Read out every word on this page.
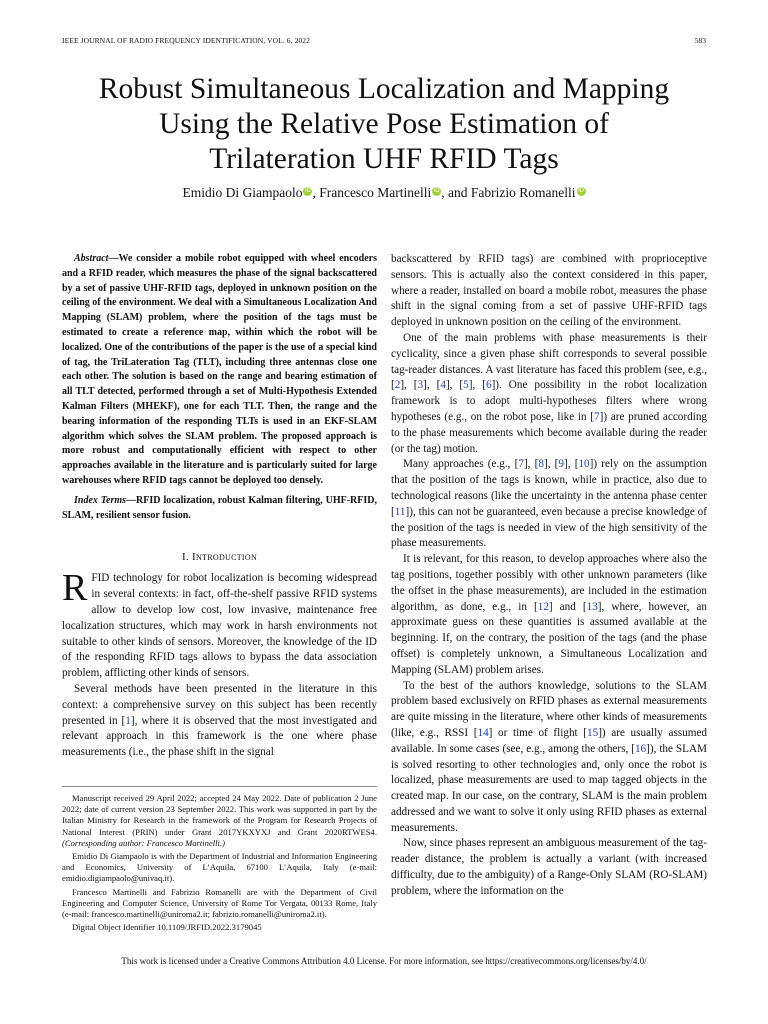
IEEE JOURNAL OF RADIO FREQUENCY IDENTIFICATION, VOL. 6, 2022	583
Robust Simultaneous Localization and Mapping
Using the Relative Pose Estimation of
Trilateration UHF RFID Tags
Emidio Di Giampaolo iD , Francesco Martinelli iD , and Fabrizio Romanelli iD

Abstract—We consider a mobile robot equipped with wheel encoders and a RFID reader, which measures the phase of the signal backscattered by a set of passive UHF-RFID tags, deployed in unknown position on the ceiling of the environment. We deal with a Simultaneous Localization And Mapping (SLAM) problem, where the position of the tags must be estimated to create a reference map, within which the robot will be localized. One of the contributions of the paper is the use of a special kind of tag, the TriLateration Tag (TLT), including three antennas close one each other. The solution is based on the range and bearing estimation of all TLT detected, performed through a set of Multi-Hypothesis Extended Kalman Filters (MHEKF), one for each TLT. Then, the range and the bearing information of the responding TLTs is used in an EKF-SLAM algorithm which solves the SLAM problem. The proposed approach is more robust and computationally efficient with respect to other approaches available in the literature and is particularly suited for large warehouses where RFID tags cannot be deployed too densely.

Index Terms—RFID localization, robust Kalman filtering, UHF-RFID, SLAM, resilient sensor fusion.

I. Introduction

RFID technology for robot localization is becoming widespread in several contexts: in fact, off-the-shelf passive RFID systems allow to develop low cost, low invasive, maintenance free localization structures, which may work in harsh environments not suitable to other kinds of sensors. Moreover, the knowledge of the ID of the responding RFID tags allows to bypass the data association problem, afflicting other kinds of sensors.

Several methods have been presented in the literature in this context: a comprehensive survey on this subject has been recently presented in [1], where it is observed that the most investigated and relevant approach in this framework is the one where phase measurements (i.e., the phase shift in the signal

Manuscript received 29 April 2022; accepted 24 May 2022. Date of publication 2 June 2022; date of current version 23 September 2022. This work was supported in part by the Italian Ministry for Research in the framework of the Program for Research Projects of National Interest (PRIN) under Grant 2017YKXYXJ and Grant 2020RTWES4. (Corresponding author: Francesco Martinelli.)

Emidio Di Giampaolo is with the Department of Industrial and Information Engineering and Economics, University of L’Aquila, 67100 L’Aquila, Italy (e-mail: emidio.digiampaolo@univaq.it).

Francesco Martinelli and Fabrizio Romanelli are with the Department of Civil Engineering and Computer Science, University of Rome Tor Vergata, 00133 Rome, Italy (e-mail: francesco.martinelli@uniroma2.it; fabrizio.romanelli@uniroma2.it).

Digital Object Identifier 10.1109/JRFID.2022.3179045

backscattered by RFID tags) are combined with proprioceptive sensors. This is actually also the context considered in this paper, where a reader, installed on board a mobile robot, measures the phase shift in the signal coming from a set of passive UHF-RFID tags deployed in unknown position on the ceiling of the environment.

One of the main problems with phase measurements is their cyclicality, since a given phase shift corresponds to several possible tag-reader distances. A vast literature has faced this problem (see, e.g., [2], [3], [4], [5], [6]). One possibility in the robot localization framework is to adopt multi-hypotheses filters where wrong hypotheses (e.g., on the robot pose, like in [7]) are pruned according to the phase measurements which become available during the reader (or the tag) motion.

Many approaches (e.g., [7], [8], [9], [10]) rely on the assumption that the position of the tags is known, while in practice, also due to technological reasons (like the uncertainty in the antenna phase center [11]), this can not be guaranteed, even because a precise knowledge of the position of the tags is needed in view of the high sensitivity of the phase measurements.

It is relevant, for this reason, to develop approaches where also the tag positions, together possibly with other unknown parameters (like the offset in the phase measurements), are included in the estimation algorithm, as done, e.g., in [12] and [13], where, however, an approximate guess on these quantities is assumed available at the beginning. If, on the contrary, the position of the tags (and the phase offset) is completely unknown, a Simultaneous Localization and Mapping (SLAM) problem arises.

To the best of the authors knowledge, solutions to the SLAM problem based exclusively on RFID phases as external measurements are quite missing in the literature, where other kinds of measurements (like, e.g., RSSI [14] or time of flight [15]) are usually assumed available. In some cases (see, e.g., among the others, [16]), the SLAM is solved resorting to other technologies and, only once the robot is localized, phase measurements are used to map tagged objects in the created map. In our case, on the contrary, SLAM is the main problem addressed and we want to solve it only using RFID phases as external measurements.

Now, since phases represent an ambiguous measurement of the tag-reader distance, the problem is actually a variant (with increased difficulty, due to the ambiguity) of a Range-Only SLAM (RO-SLAM) problem, where the information on the

This work is licensed under a Creative Commons Attribution 4.0 License. For more information, see https://creativecommons.org/licenses/by/4.0/
